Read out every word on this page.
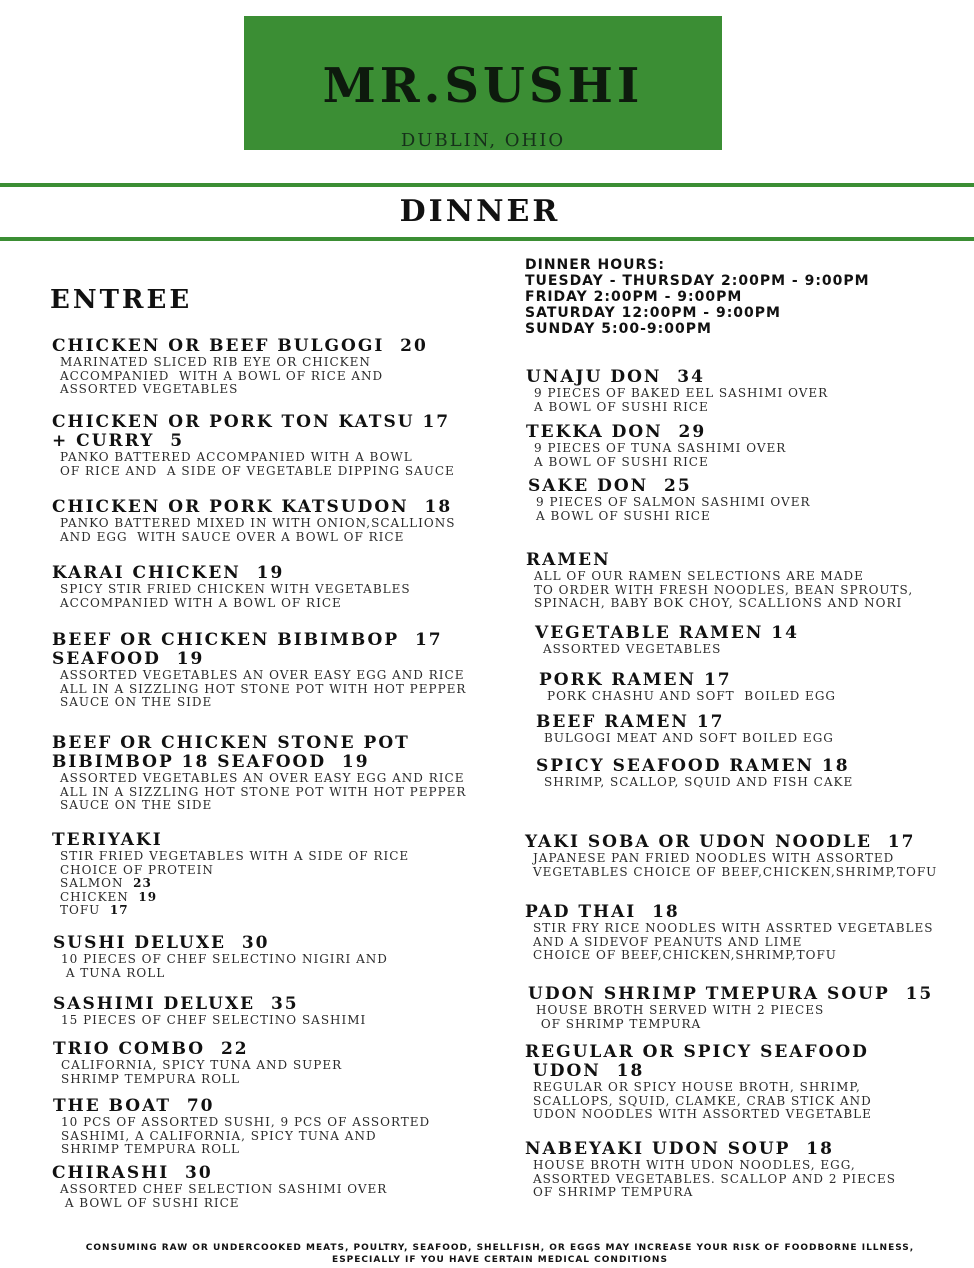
MR.SUSHI
DUBLIN, OHIO
DINNER
DINNER HOURS:
TUESDAY - THURSDAY 2:00PM - 9:00PM
FRIDAY 2:00PM - 9:00PM
SATURDAY 12:00PM - 9:00PM
SUNDAY 5:00-9:00PM
ENTREE
CHICKEN OR BEEF BULGOGI  20
MARINATED SLICED RIB EYE OR CHICKEN
ACCOMPANIED  WITH A BOWL OF RICE AND
ASSORTED VEGETABLES
CHICKEN OR PORK TON KATSU 17
+ CURRY  5
PANKO BATTERED ACCOMPANIED WITH A BOWL
OF RICE AND  A SIDE OF VEGETABLE DIPPING SAUCE
CHICKEN OR PORK KATSUDON  18
PANKO BATTERED MIXED IN WITH ONION,SCALLIONS
AND EGG  WITH SAUCE OVER A BOWL OF RICE
KARAI CHICKEN  19
SPICY STIR FRIED CHICKEN WITH VEGETABLES
ACCOMPANIED WITH A BOWL OF RICE
BEEF OR CHICKEN BIBIMBOP  17
SEAFOOD  19
ASSORTED VEGETABLES AN OVER EASY EGG AND RICE
ALL IN A SIZZLING HOT STONE POT WITH HOT PEPPER
SAUCE ON THE SIDE
BEEF OR CHICKEN STONE POT
BIBIMBOP 18 SEAFOOD  19
ASSORTED VEGETABLES AN OVER EASY EGG AND RICE
ALL IN A SIZZLING HOT STONE POT WITH HOT PEPPER
SAUCE ON THE SIDE
TERIYAKI
STIR FRIED VEGETABLES WITH A SIDE OF RICE
CHOICE OF PROTEIN
SALMON  23
CHICKEN  19
TOFU  17
SUSHI DELUXE  30
10 PIECES OF CHEF SELECTINO NIGIRI AND
A TUNA ROLL
SASHIMI DELUXE  35
15 PIECES OF CHEF SELECTINO SASHIMI
TRIO COMBO  22
CALIFORNIA, SPICY TUNA AND SUPER
SHRIMP TEMPURA ROLL
THE BOAT  70
10 PCS OF ASSORTED SUSHI, 9 PCS OF ASSORTED
SASHIMI, A CALIFORNIA, SPICY TUNA AND
SHRIMP TEMPURA ROLL
CHIRASHI  30
ASSORTED CHEF SELECTION SASHIMI OVER
A BOWL OF SUSHI RICE
UNAJU DON  34
9 PIECES OF BAKED EEL SASHIMI OVER
A BOWL OF SUSHI RICE
TEKKA DON  29
9 PIECES OF TUNA SASHIMI OVER
A BOWL OF SUSHI RICE
SAKE DON  25
9 PIECES OF SALMON SASHIMI OVER
A BOWL OF SUSHI RICE
RAMEN
ALL OF OUR RAMEN SELECTIONS ARE MADE
TO ORDER WITH FRESH NOODLES, BEAN SPROUTS,
SPINACH, BABY BOK CHOY, SCALLIONS AND NORI
VEGETABLE RAMEN 14
ASSORTED VEGETABLES
PORK RAMEN 17
PORK CHASHU AND SOFT  BOILED EGG
BEEF RAMEN 17
BULGOGI MEAT AND SOFT BOILED EGG
SPICY SEAFOOD RAMEN 18
SHRIMP, SCALLOP, SQUID AND FISH CAKE
YAKI SOBA OR UDON NOODLE  17
JAPANESE PAN FRIED NOODLES WITH ASSORTED
VEGETABLES CHOICE OF BEEF,CHICKEN,SHRIMP,TOFU
PAD THAI  18
STIR FRY RICE NOODLES WITH ASSRTED VEGETABLES
AND A SIDEVOF PEANUTS AND LIME
CHOICE OF BEEF,CHICKEN,SHRIMP,TOFU
UDON SHRIMP TMEPURA SOUP  15
HOUSE BROTH SERVED WITH 2 PIECES
OF SHRIMP TEMPURA
REGULAR OR SPICY SEAFOOD
UDON  18
REGULAR OR SPICY HOUSE BROTH, SHRIMP,
SCALLOPS, SQUID, CLAMKE, CRAB STICK AND
UDON NOODLES WITH ASSORTED VEGETABLE
NABEYAKI UDON SOUP  18
HOUSE BROTH WITH UDON NOODLES, EGG,
ASSORTED VEGETABLES. SCALLOP AND 2 PIECES
OF SHRIMP TEMPURA
CONSUMING RAW OR UNDERCOOKED MEATS, POULTRY, SEAFOOD, SHELLFISH, OR EGGS MAY INCREASE YOUR RISK OF FOODBORNE ILLNESS,
ESPECIALLY IF YOU HAVE CERTAIN MEDICAL CONDITIONS
